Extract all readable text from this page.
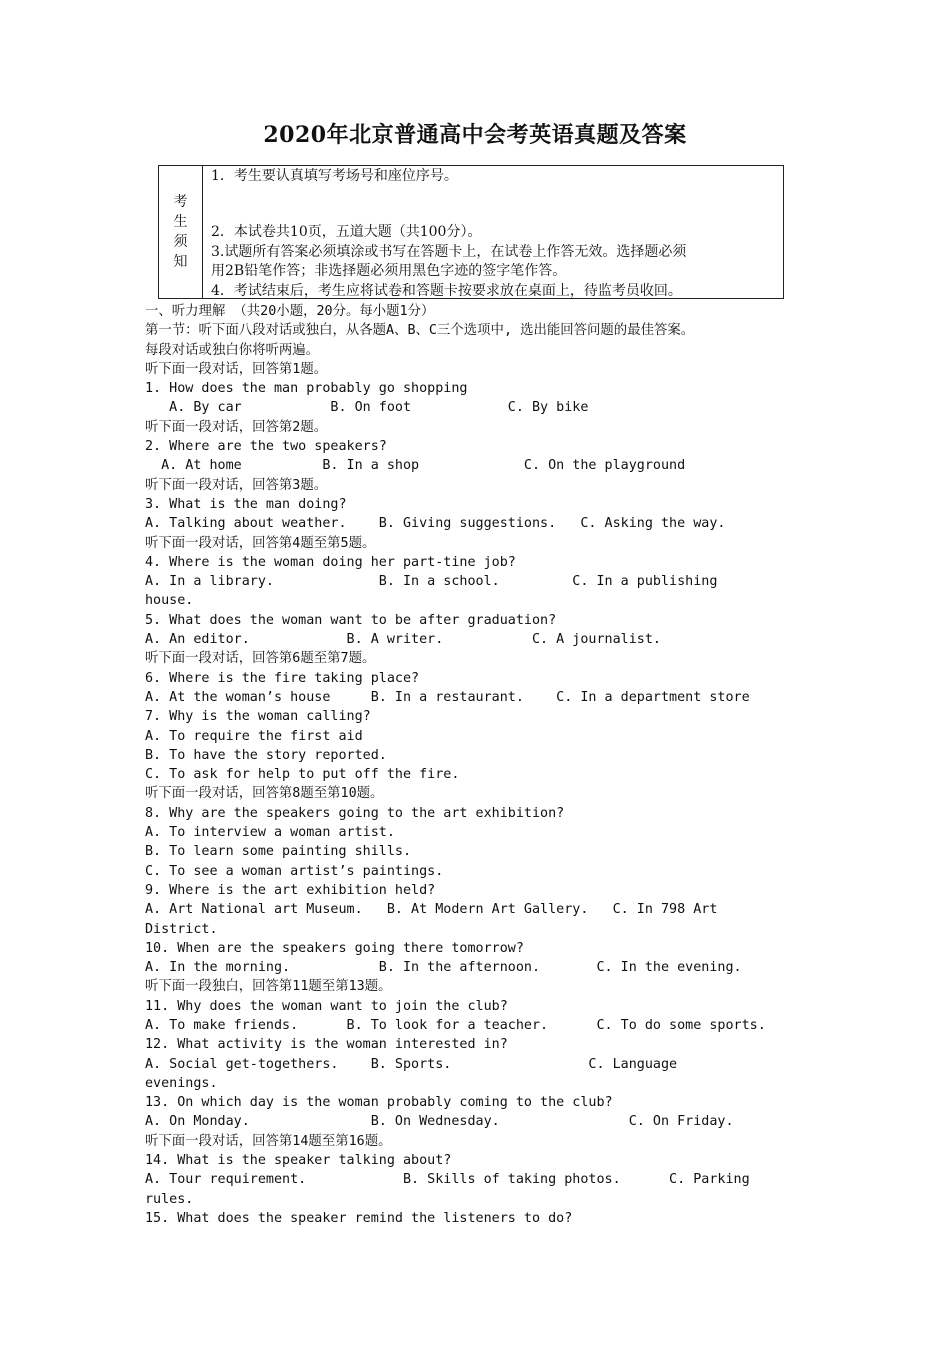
2020年北京普通高中会考英语真题及答案
考
生
须
知
1．考生要认真填写考场号和座位序号。
2．本试卷共10页，五道大题（共100分）。
3.试题所有答案必须填涂或书写在答题卡上，在试卷上作答无效。选择题必须
用2B铅笔作答；非选择题必须用黑色字迹的签字笔作答。
4．考试结束后，考生应将试卷和答题卡按要求放在桌面上，待监考员收回。
一、听力理解 （共20小题，20分。每小题1分）
第一节：听下面八段对话或独白，从各题A、B、C三个选项中, 选出能回答问题的最佳答案。
每段对话或独白你将听两遍。
听下面一段对话，回答第1题。
1. How does the man probably go shopping
A. By car           B. On foot            C. By bike
听下面一段对话，回答第2题。
2. Where are the two speakers?
A. At home          B. In a shop             C. On the playground
听下面一段对话，回答第3题。
3. What is the man doing?
A. Talking about weather.    B. Giving suggestions.   C. Asking the way.
听下面一段对话，回答第4题至第5题。
4. Where is the woman doing her part-tine job?
A. In a library.             B. In a school.         C. In a publishing
house.
5. What does the woman want to be after graduation?
A. An editor.            B. A writer.           C. A journalist.
听下面一段对话，回答第6题至第7题。
6. Where is the fire taking place?
A. At the woman’s house     B. In a restaurant.    C. In a department store
7. Why is the woman calling?
A. To require the first aid
B. To have the story reported.
C. To ask for help to put off the fire.
听下面一段对话，回答第8题至第10题。
8. Why are the speakers going to the art exhibition?
A. To interview a woman artist.
B. To learn some painting shills.
C. To see a woman artist’s paintings.
9. Where is the art exhibition held?
A. Art National art Museum.   B. At Modern Art Gallery.   C. In 798 Art
District.
10. When are the speakers going there tomorrow?
A. In the morning.           B. In the afternoon.       C. In the evening.
听下面一段独白，回答第11题至第13题。
11. Why does the woman want to join the club?
A. To make friends.      B. To look for a teacher.      C. To do some sports.
12. What activity is the woman interested in?
A. Social get-togethers.    B. Sports.                 C. Language
evenings.
13. On which day is the woman probably coming to the club?
A. On Monday.               B. On Wednesday.                C. On Friday.
听下面一段对话，回答第14题至第16题。
14. What is the speaker talking about?
A. Tour requirement.            B. Skills of taking photos.      C. Parking
rules.
15. What does the speaker remind the listeners to do?
